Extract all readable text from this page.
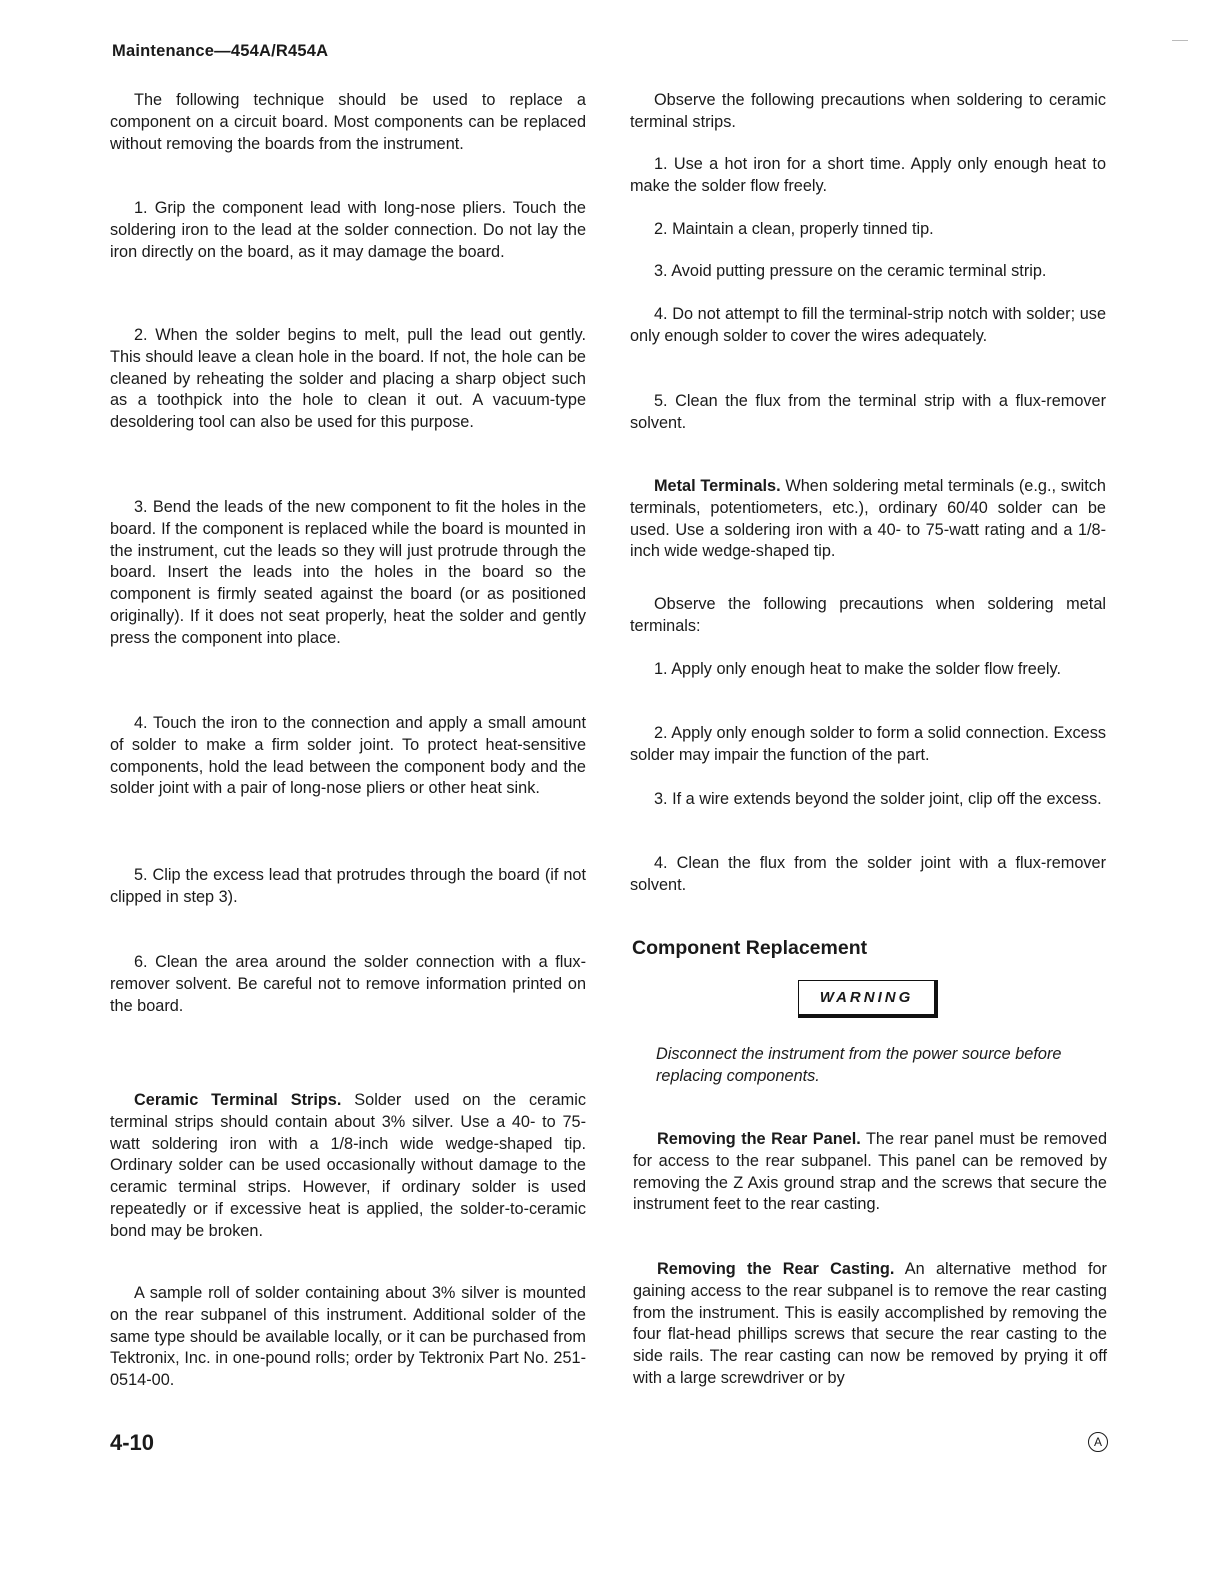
Maintenance—454A/R454A

The following technique should be used to replace a component on a circuit board. Most components can be replaced without removing the boards from the instrument.

1. Grip the component lead with long-nose pliers. Touch the soldering iron to the lead at the solder connection. Do not lay the iron directly on the board, as it may damage the board.

2. When the solder begins to melt, pull the lead out gently. This should leave a clean hole in the board. If not, the hole can be cleaned by reheating the solder and placing a sharp object such as a toothpick into the hole to clean it out. A vacuum-type desoldering tool can also be used for this purpose.

3. Bend the leads of the new component to fit the holes in the board. If the component is replaced while the board is mounted in the instrument, cut the leads so they will just protrude through the board. Insert the leads into the holes in the board so the component is firmly seated against the board (or as positioned originally). If it does not seat properly, heat the solder and gently press the component into place.

4. Touch the iron to the connection and apply a small amount of solder to make a firm solder joint. To protect heat-sensitive components, hold the lead between the component body and the solder joint with a pair of long-nose pliers or other heat sink.

5. Clip the excess lead that protrudes through the board (if not clipped in step 3).

6. Clean the area around the solder connection with a flux-remover solvent. Be careful not to remove information printed on the board.

Ceramic Terminal Strips. Solder used on the ceramic terminal strips should contain about 3% silver. Use a 40- to 75-watt soldering iron with a 1/8-inch wide wedge-shaped tip. Ordinary solder can be used occasionally without damage to the ceramic terminal strips. However, if ordinary solder is used repeatedly or if excessive heat is applied, the solder-to-ceramic bond may be broken.

A sample roll of solder containing about 3% silver is mounted on the rear subpanel of this instrument. Additional solder of the same type should be available locally, or it can be purchased from Tektronix, Inc. in one-pound rolls; order by Tektronix Part No. 251-0514-00.

Observe the following precautions when soldering to ceramic terminal strips.

1. Use a hot iron for a short time. Apply only enough heat to make the solder flow freely.

2. Maintain a clean, properly tinned tip.

3. Avoid putting pressure on the ceramic terminal strip.

4. Do not attempt to fill the terminal-strip notch with solder; use only enough solder to cover the wires adequately.

5. Clean the flux from the terminal strip with a flux-remover solvent.

Metal Terminals. When soldering metal terminals (e.g., switch terminals, potentiometers, etc.), ordinary 60/40 solder can be used. Use a soldering iron with a 40- to 75-watt rating and a 1/8-inch wide wedge-shaped tip.

Observe the following precautions when soldering metal terminals:

1. Apply only enough heat to make the solder flow freely.

2. Apply only enough solder to form a solid connection. Excess solder may impair the function of the part.

3. If a wire extends beyond the solder joint, clip off the excess.

4. Clean the flux from the solder joint with a flux-remover solvent.

Component Replacement
WARNING
Disconnect the instrument from the power source before replacing components.

Removing the Rear Panel. The rear panel must be removed for access to the rear subpanel. This panel can be removed by removing the Z Axis ground strap and the screws that secure the instrument feet to the rear casting.

Removing the Rear Casting. An alternative method for gaining access to the rear subpanel is to remove the rear casting from the instrument. This is easily accomplished by removing the four flat-head phillips screws that secure the rear casting to the side rails. The rear casting can now be removed by prying it off with a large screwdriver or by

4-10	A
